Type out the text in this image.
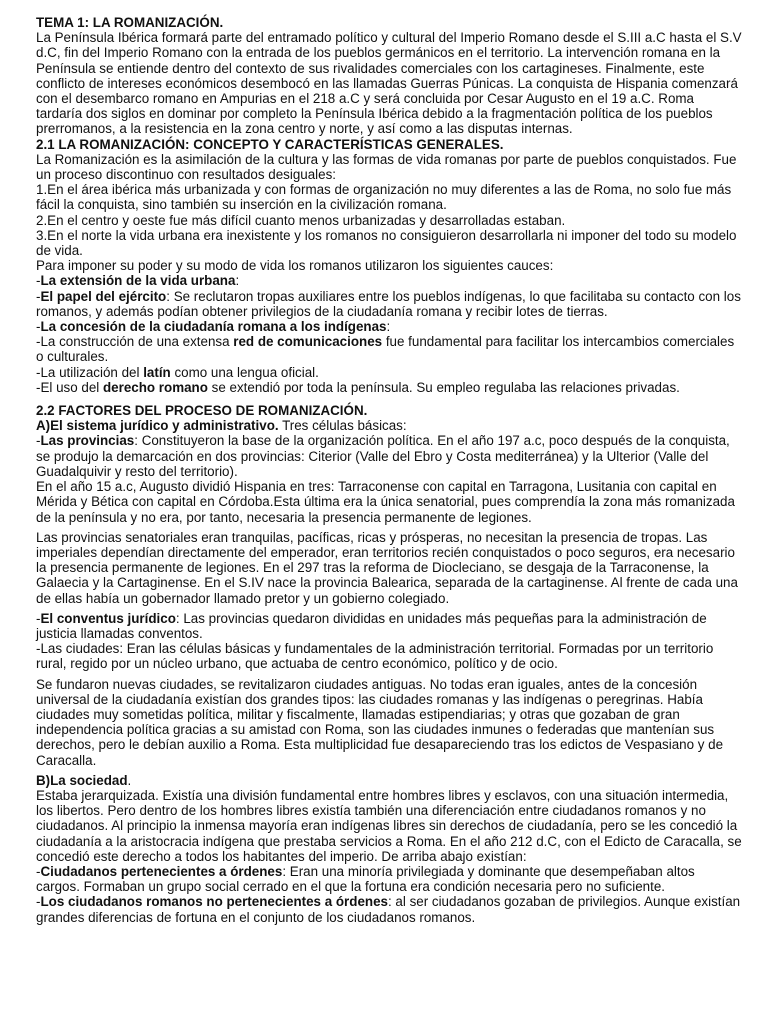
TEMA 1: LA ROMANIZACIÓN.

La Península Ibérica formará parte del entramado político y cultural del Imperio Romano desde el S.III a.C hasta el S.V d.C, fin del Imperio Romano con la entrada de los pueblos germánicos en el territorio. La intervención romana en la Península se entiende dentro del contexto de sus rivalidades comerciales con los cartagineses. Finalmente, este conflicto de intereses económicos desembocó en las llamadas Guerras Púnicas. La conquista de Hispania comenzará con el desembarco romano en Ampurias en el 218 a.C y será concluida por Cesar Augusto en el 19 a.C. Roma tardaría dos siglos en dominar por completo la Península Ibérica debido a la fragmentación política de los pueblos prerromanos, a la resistencia en la zona centro y norte, y así como a las disputas internas.

2.1 LA ROMANIZACIÓN: CONCEPTO Y CARACTERÍSTICAS GENERALES.

La Romanización es la asimilación de la cultura y las formas de vida romanas por parte de pueblos conquistados. Fue un proceso discontinuo con resultados desiguales:

1.En el área ibérica más urbanizada y con formas de organización no muy diferentes a las de Roma, no solo fue más fácil la conquista, sino también su inserción en la civilización romana.

2.En el centro y oeste fue más difícil cuanto menos urbanizadas y desarrolladas estaban.

3.En el norte la vida urbana era inexistente y los romanos no consiguieron desarrollarla ni imponer del todo su modelo de vida.

Para imponer su poder y su modo de vida los romanos utilizaron los siguientes cauces:

-La extensión de la vida urbana:

-El papel del ejército: Se reclutaron tropas auxiliares entre los pueblos indígenas, lo que facilitaba su contacto con los romanos, y además podían obtener privilegios de la ciudadanía romana y recibir lotes de tierras.

-La concesión de la ciudadanía romana a los indígenas:

-La construcción de una extensa red de comunicaciones fue fundamental para facilitar los intercambios comerciales o culturales.

-La utilización del latín como una lengua oficial.

-El uso del derecho romano se extendió por toda la península. Su empleo regulaba las relaciones privadas.

2.2 FACTORES DEL PROCESO DE ROMANIZACIÓN.

A)El sistema jurídico y administrativo. Tres células básicas:

-Las provincias: Constituyeron la base de la organización política. En el año 197 a.c, poco después de la conquista, se produjo la demarcación en dos provincias: Citerior (Valle del Ebro y Costa mediterránea) y la Ulterior (Valle del Guadalquivir y resto del territorio).

En el año 15 a.c, Augusto dividió Hispania en tres: Tarraconense con capital en Tarragona, Lusitania con capital en Mérida y Bética con capital en Córdoba.Esta última era la única senatorial, pues comprendía la zona más romanizada de la península y no era, por tanto, necesaria la presencia permanente de legiones.

Las provincias senatoriales eran tranquilas, pacíficas, ricas y prósperas, no necesitan la presencia de tropas. Las imperiales dependían directamente del emperador, eran territorios recién conquistados o poco seguros, era necesario la presencia permanente de legiones. En el 297 tras la reforma de Diocleciano, se desgaja de la Tarraconense, la Galaecia y la Cartaginense. En el S.IV nace la provincia Balearica, separada de la cartaginense. Al frente de cada una de ellas había un gobernador llamado pretor y un gobierno colegiado.

-El conventus jurídico: Las provincias quedaron divididas en unidades más pequeñas para la administración de justicia llamadas conventos.

-Las ciudades: Eran las células básicas y fundamentales de la administración territorial. Formadas por un territorio rural, regido por un núcleo urbano, que actuaba de centro económico, político y de ocio.

Se fundaron nuevas ciudades, se revitalizaron ciudades antiguas. No todas eran iguales, antes de la concesión universal de la ciudadanía existían dos grandes tipos: las ciudades romanas y las indígenas o peregrinas. Había ciudades muy sometidas política, militar y fiscalmente, llamadas estipendiarias; y otras que gozaban de gran independencia política gracias a su amistad con Roma, son las ciudades inmunes o federadas que mantenían sus derechos, pero le debían auxilio a Roma. Esta multiplicidad fue desapareciendo tras los edictos de Vespasiano y de Caracalla.

B)La sociedad.

Estaba jerarquizada. Existía una división fundamental entre hombres libres y esclavos, con una situación intermedia, los libertos. Pero dentro de los hombres libres existía también una diferenciación entre ciudadanos romanos y no ciudadanos. Al principio la inmensa mayoría eran indígenas libres sin derechos de ciudadanía, pero se les concedió la ciudadanía a la aristocracia indígena que prestaba servicios a Roma. En el año 212 d.C, con el Edicto de Caracalla, se concedió este derecho a todos los habitantes del imperio. De arriba abajo existían:

-Ciudadanos pertenecientes a órdenes: Eran una minoría privilegiada y dominante que desempeñaban altos cargos. Formaban un grupo social cerrado en el que la fortuna era condición necesaria pero no suficiente.

-Los ciudadanos romanos no pertenecientes a órdenes: al ser ciudadanos gozaban de privilegios. Aunque existían grandes diferencias de fortuna en el conjunto de los ciudadanos romanos.
